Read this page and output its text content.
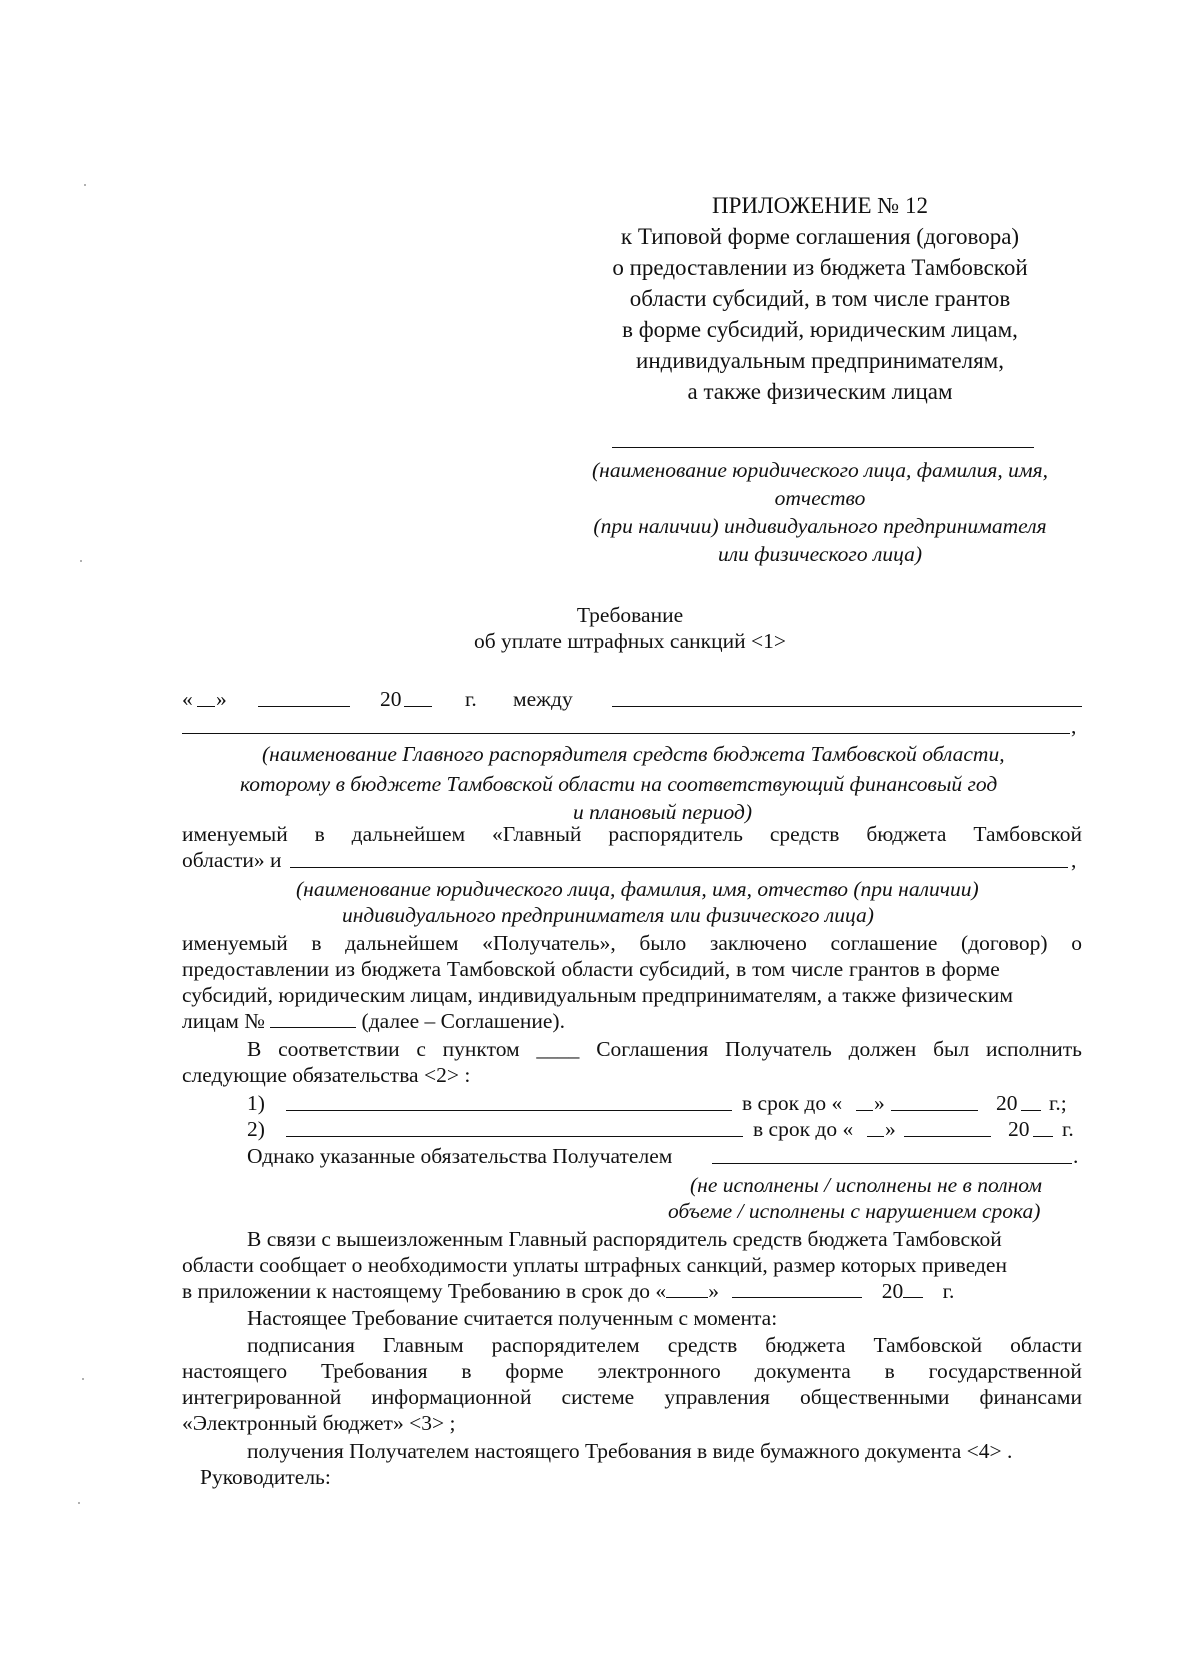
ПРИЛОЖЕНИЕ № 12
к Типовой форме соглашения (договора)
о предоставлении из бюджета Тамбовской
области субсидий, в том числе грантов
в форме субсидий, юридическим лицам,
индивидуальным предпринимателям,
а также физическим лицам
(наименование юридического лица, фамилия, имя,
отчество
(при наличии) индивидуального предпринимателя
или физического лица)
Требование
об уплате штрафных санкций <1>
« »	20	г. между
,
(наименование Главного распорядителя средств бюджета Тамбовской области,
которому в бюджете Тамбовской области на соответствующий финансовый год
и плановый период)
именуемый в дальнейшем «Главный распорядитель средств бюджета Тамбовской
области» и	,
(наименование юридического лица, фамилия, имя, отчество (при наличии)
индивидуального предпринимателя или физического лица)
именуемый в дальнейшем «Получатель», было заключено соглашение (договор) о
предоставлении из бюджета Тамбовской области субсидий, в том числе грантов в форме
субсидий, юридическим лицам, индивидуальным предпринимателям, а также физическим
лицам №	(далее – Соглашение).
В соответствии с пунктом ____ Соглашения Получатель должен был исполнить
следующие обязательства <2> :
1)	в срок до « »	20 г.;
2)	в срок до « »	20 г.
Однако указанные обязательства Получателем	.
(не исполнены / исполнены не в полном
объеме / исполнены с нарушением срока)
В связи с вышеизложенным Главный распорядитель средств бюджета Тамбовской
области сообщает о необходимости уплаты штрафных санкций, размер которых приведен
в приложении к настоящему Требованию в срок до « »	20 г.
Настоящее Требование считается полученным с момента:
подписания Главным распорядителем средств бюджета Тамбовской области
настоящего Требования в форме электронного документа в государственной
интегрированной информационной системе управления общественными финансами
«Электронный бюджет» <3> ;
получения Получателем настоящего Требования в виде бумажного документа <4> .
Руководитель:
